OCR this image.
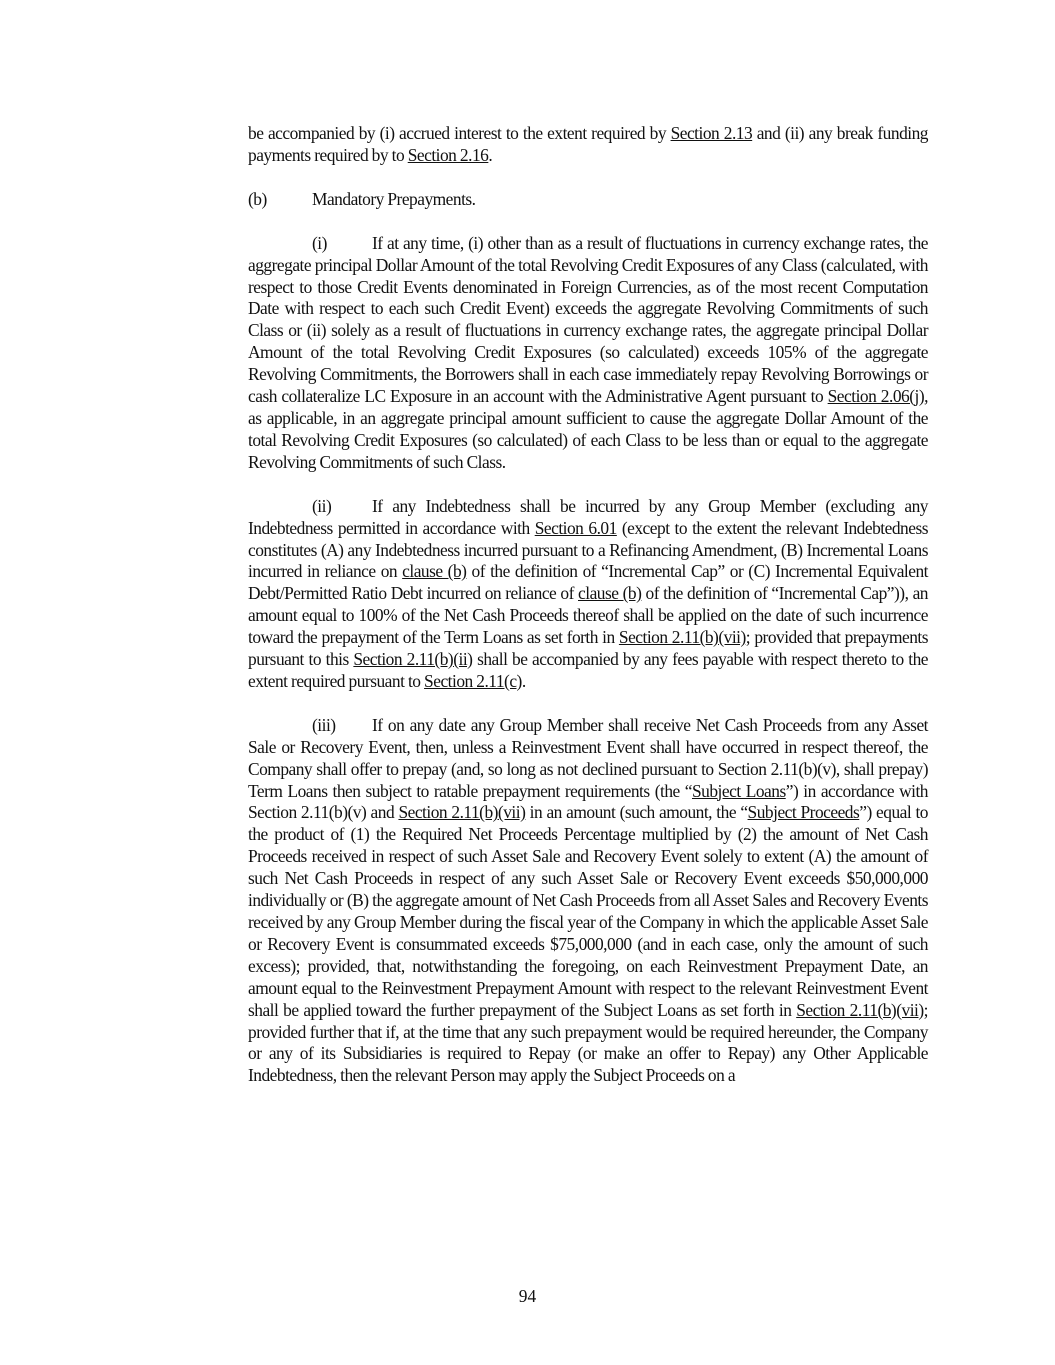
be accompanied by (i) accrued interest to the extent required by Section 2.13 and (ii) any break funding payments required by to Section 2.16.

(b)	Mandatory Prepayments.

(i)	If at any time, (i) other than as a result of fluctuations in currency exchange rates, the aggregate principal Dollar Amount of the total Revolving Credit Exposures of any Class (calculated, with respect to those Credit Events denominated in Foreign Currencies, as of the most recent Computation Date with respect to each such Credit Event) exceeds the aggregate Revolving Commitments of such Class or (ii) solely as a result of fluctuations in currency exchange rates, the aggregate principal Dollar Amount of the total Revolving Credit Exposures (so calculated) exceeds 105% of the aggregate Revolving Commitments, the Borrowers shall in each case immediately repay Revolving Borrowings or cash collateralize LC Exposure in an account with the Administrative Agent pursuant to Section 2.06(j), as applicable, in an aggregate principal amount sufficient to cause the aggregate Dollar Amount of the total Revolving Credit Exposures (so calculated) of each Class to be less than or equal to the aggregate Revolving Commitments of such Class.

(ii) If any Indebtedness shall be incurred by any Group Member (excluding any Indebtedness permitted in accordance with Section 6.01 (except to the extent the relevant Indebtedness constitutes (A) any Indebtedness incurred pursuant to a Refinancing Amendment, (B) Incremental Loans incurred in reliance on clause (b) of the definition of “Incremental Cap” or (C) Incremental Equivalent Debt/Permitted Ratio Debt incurred on reliance of clause (b) of the definition of “Incremental Cap”)), an amount equal to 100% of the Net Cash Proceeds thereof shall be applied on the date of such incurrence toward the prepayment of the Term Loans as set forth in Section 2.11(b)(vii); provided that prepayments pursuant to this Section 2.11(b)(ii) shall be accompanied by any fees payable with respect thereto to the extent required pursuant to Section 2.11(c).

(iii) If on any date any Group Member shall receive Net Cash Proceeds from any Asset Sale or Recovery Event, then, unless a Reinvestment Event shall have occurred in respect thereof, the Company shall offer to prepay (and, so long as not declined pursuant to Section 2.11(b)(v), shall prepay) Term Loans then subject to ratable prepayment requirements (the “Subject Loans”) in accordance with Section 2.11(b)(v) and Section 2.11(b)(vii) in an amount (such amount, the “Subject Proceeds”) equal to the product of (1) the Required Net Proceeds Percentage multiplied by (2) the amount of Net Cash Proceeds received in respect of such Asset Sale and Recovery Event solely to extent (A) the amount of such Net Cash Proceeds in respect of any such Asset Sale or Recovery Event exceeds $50,000,000 individually or (B) the aggregate amount of Net Cash Proceeds from all Asset Sales and Recovery Events received by any Group Member during the fiscal year of the Company in which the applicable Asset Sale or Recovery Event is consummated exceeds $75,000,000 (and in each case, only the amount of such excess); provided, that, notwithstanding the foregoing, on each Reinvestment Prepayment Date, an amount equal to the Reinvestment Prepayment Amount with respect to the relevant Reinvestment Event shall be applied toward the further prepayment of the Subject Loans as set forth in Section 2.11(b)(vii); provided further that if, at the time that any such prepayment would be required hereunder, the Company or any of its Subsidiaries is required to Repay (or make an offer to Repay) any Other Applicable Indebtedness, then the relevant Person may apply the Subject Proceeds on a

94
